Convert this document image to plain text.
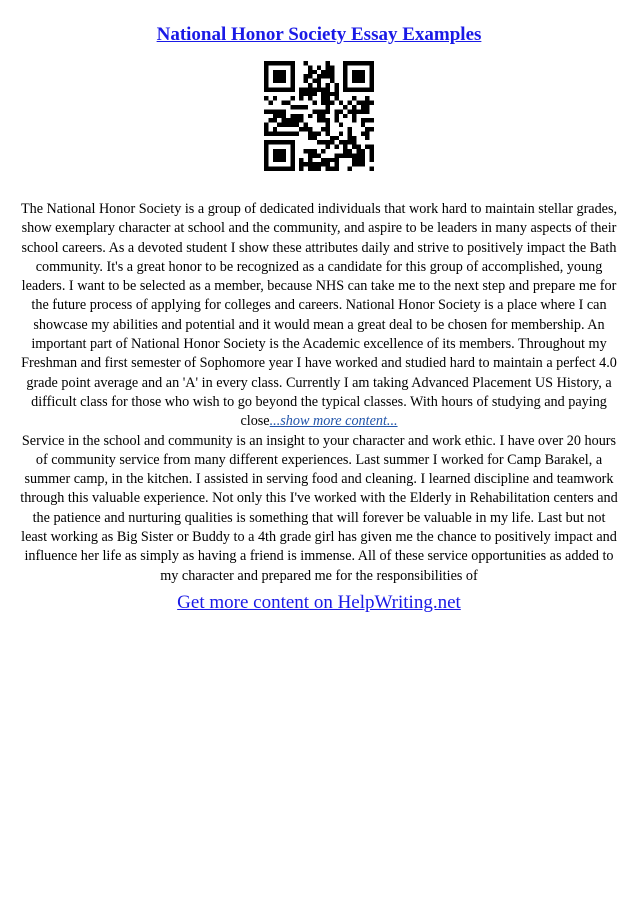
National Honor Society Essay Examples

The National Honor Society is a group of dedicated individuals that work hard to maintain stellar grades, show exemplary character at school and the community, and aspire to be leaders in many aspects of their school careers. As a devoted student I show these attributes daily and strive to positively impact the Bath community. It's a great honor to be recognized as a candidate for this group of accomplished, young leaders. I want to be selected as a member, because NHS can take me to the next step and prepare me for the future process of applying for colleges and careers. National Honor Society is a place where I can showcase my abilities and potential and it would mean a great deal to be chosen for membership. An important part of National Honor Society is the Academic excellence of its members. Throughout my Freshman and first semester of Sophomore year I have worked and studied hard to maintain a perfect 4.0 grade point average and an 'A' in every class. Currently I am taking Advanced Placement US History, a difficult class for those who wish to go beyond the typical classes. With hours of studying and paying close...show more content...

Service in the school and community is an insight to your character and work ethic. I have over 20 hours of community service from many different experiences. Last summer I worked for Camp Barakel, a summer camp, in the kitchen. I assisted in serving food and cleaning. I learned discipline and teamwork through this valuable experience. Not only this I've worked with the Elderly in Rehabilitation centers and the patience and nurturing qualities is something that will forever be valuable in my life. Last but not least working as Big Sister or Buddy to a 4th grade girl has given me the chance to positively impact and influence her life as simply as having a friend is immense. All of these service opportunities as added to my character and prepared me for the responsibilities of

Get more content on HelpWriting.net
